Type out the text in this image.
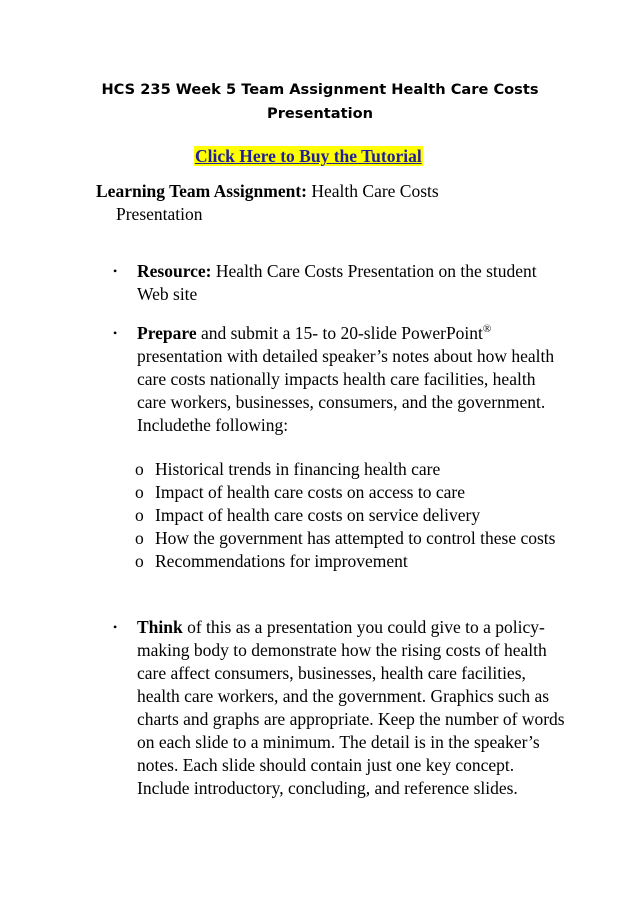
HCS 235 Week 5 Team Assignment Health Care Costs Presentation
Click Here to Buy the Tutorial

Learning Team Assignment: Health Care Costs
Presentation

• Resource: Health Care Costs Presentation on the student Web site
• Prepare and submit a 15- to 20-slide PowerPoint® presentation with detailed speaker’s notes about how health care costs nationally impacts health care facilities, health care workers, businesses, consumers, and the government. Includethe following:
o Historical trends in financing health care
o Impact of health care costs on access to care
o Impact of health care costs on service delivery
o How the government has attempted to control these costs
o Recommendations for improvement
• Think of this as a presentation you could give to a policy-making body to demonstrate how the rising costs of health care affect consumers, businesses, health care facilities, health care workers, and the government. Graphics such as charts and graphs are appropriate. Keep the number of words on each slide to a minimum. The detail is in the speaker’s notes. Each slide should contain just one key concept. Include introductory, concluding, and reference slides.
